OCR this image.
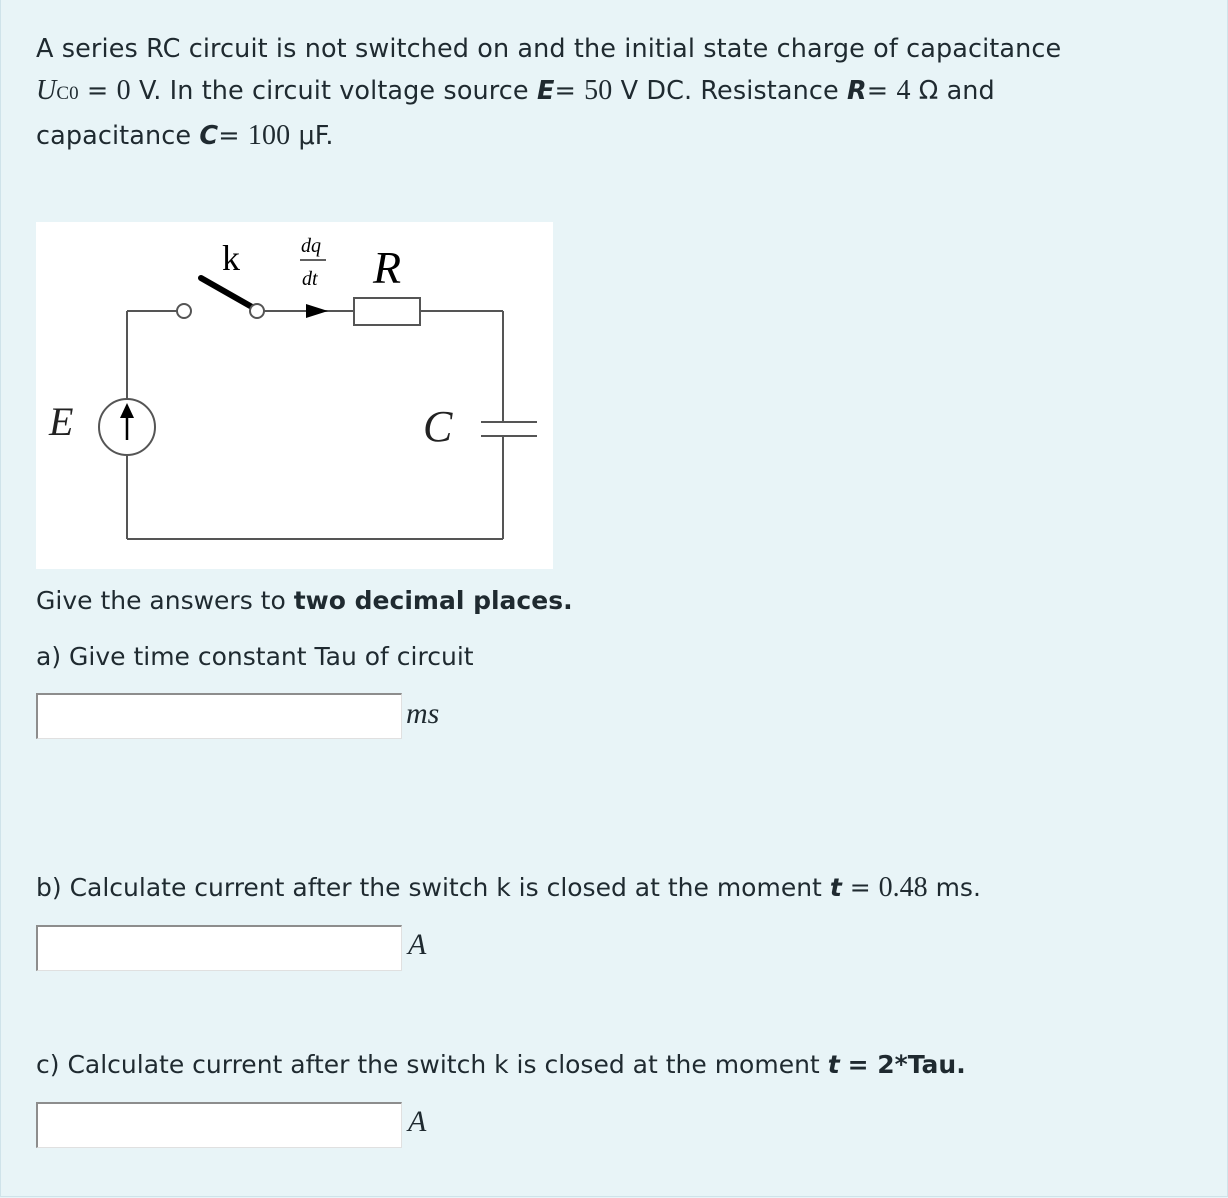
A series RC circuit is not switched on and the initial state charge of capacitance
UC0 = 0 V. In the circuit voltage source E= 50 V DC. Resistance R= 4 Ω and
capacitance C= 100 μF.
k	dq
dt R
E	C
Give the answers to two decimal places.
a) Give time constant Tau of circuit
ms
b) Calculate current after the switch k is closed at the moment t = 0.48 ms.
A
c) Calculate current after the switch k is closed at the moment t = 2*Tau.
A
